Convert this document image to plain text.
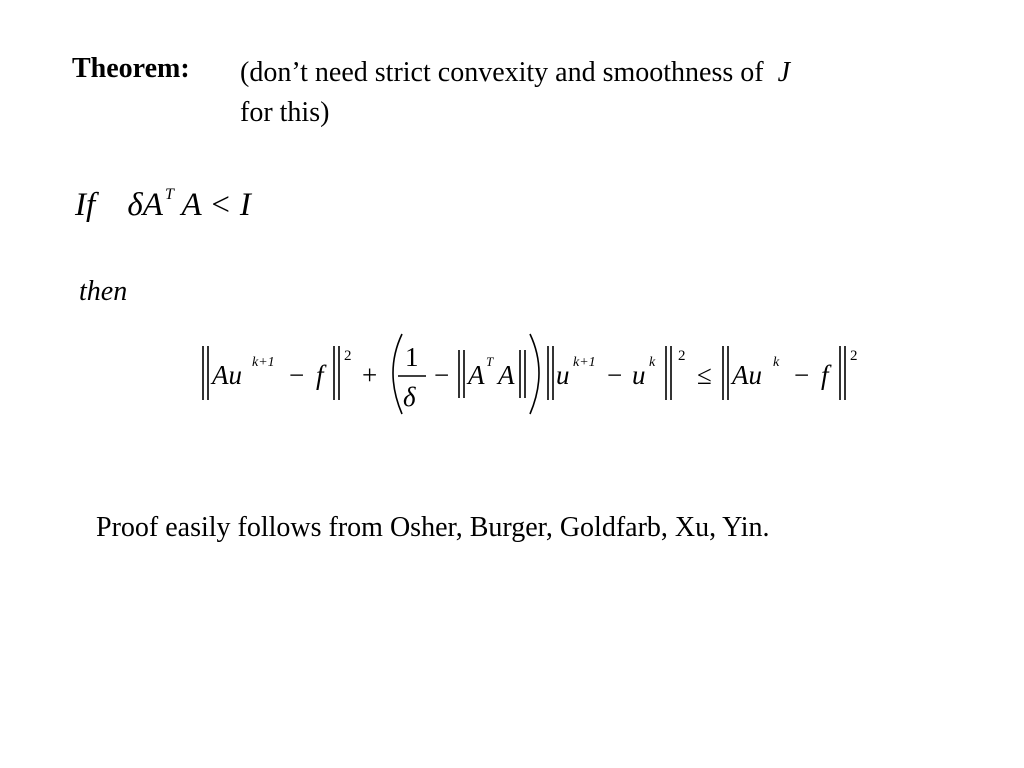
Theorem: (don’t need strict convexity and smoothness of J
for this)
If δA $^T$ A < I
then
Au k+1 − f
2
+
1
δ
− A T A u k+1 − u k 2
≤ Au k − f
2
Proof easily follows from Osher, Burger, Goldfarb, Xu, Yin.
